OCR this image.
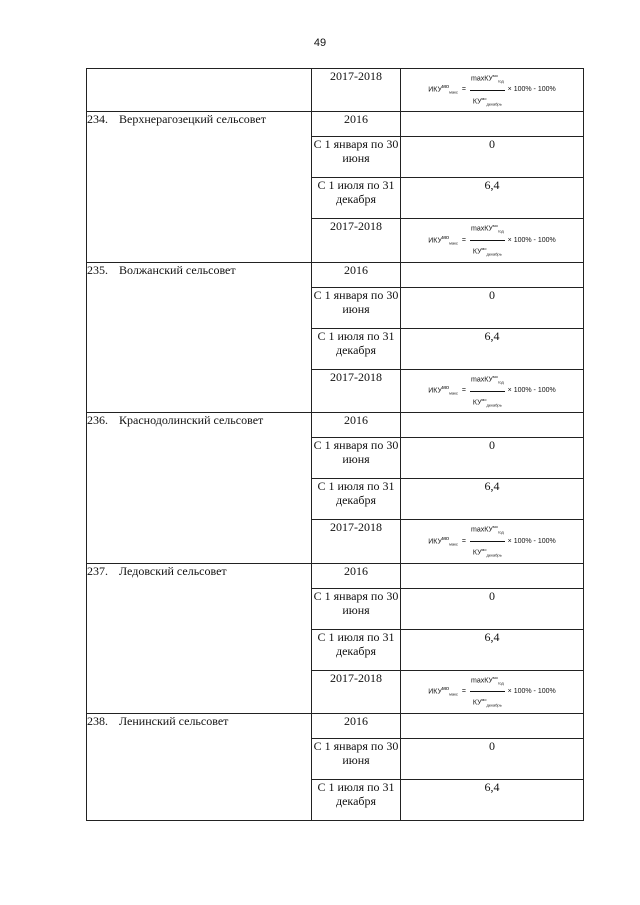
49
	2017-2018	$ИКУ^{мо}_{макс} = \frac{\max КУ^{мо}_{год}}{КУ^{мо}_{декабрь}} \times 100\% - 100\%$

234. Верхнерагозецкий сельсовет	2016	
	С 1 января по 30 июня	0
	С 1 июля по 31 декабря	6,4
	2017-2018	$ИКУ^{мо}_{макс} = \frac{\max КУ^{мо}_{год}}{КУ^{мо}_{декабрь}} \times 100\% - 100\%$

235. Волжанский сельсовет	2016	
	С 1 января по 30 июня	0
	С 1 июля по 31 декабря	6,4
	2017-2018	$ИКУ^{мо}_{макс} = \frac{\max КУ^{мо}_{год}}{КУ^{мо}_{декабрь}} \times 100\% - 100\%$

236. Краснодолинский сельсовет	2016	
	С 1 января по 30 июня	0
	С 1 июля по 31 декабря	6,4
	2017-2018	$ИКУ^{мо}_{макс} = \frac{\max КУ^{мо}_{год}}{КУ^{мо}_{декабрь}} \times 100\% - 100\%$

237. Ледовский сельсовет	2016	
	С 1 января по 30 июня	0
	С 1 июля по 31 декабря	6,4
	2017-2018	$ИКУ^{мо}_{макс} = \frac{\max КУ^{мо}_{год}}{КУ^{мо}_{декабрь}} \times 100\% - 100\%$

238. Ленинский сельсовет	2016	
	С 1 января по 30 июня	0
	С 1 июля по 31 декабря	6,4
